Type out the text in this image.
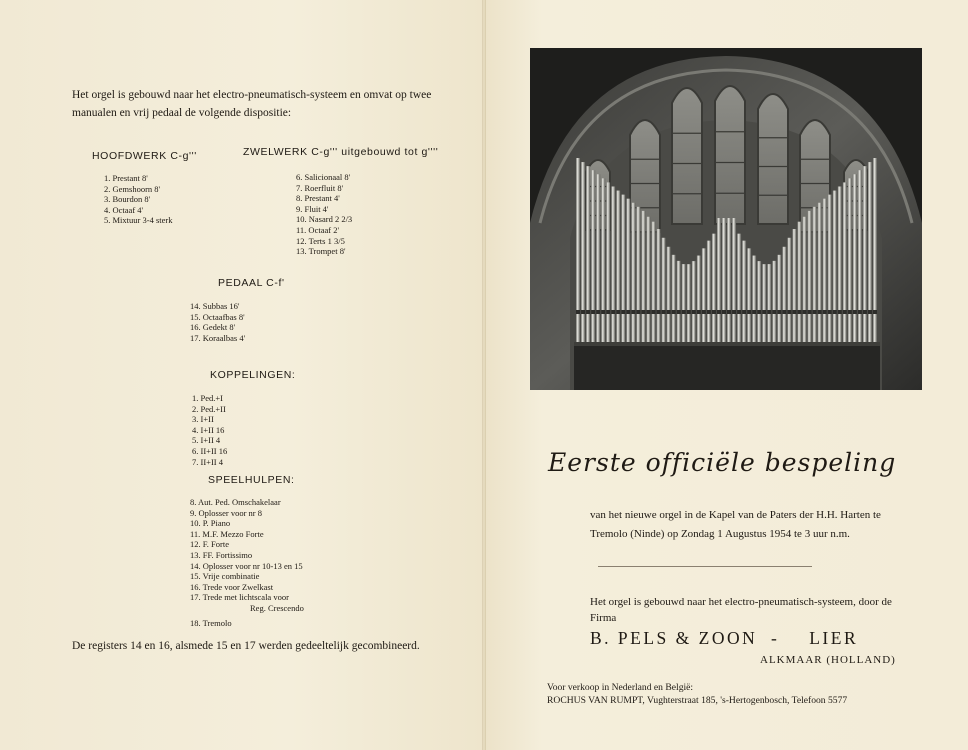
Het orgel is gebouwd naar het electro-pneumatisch-systeem en omvat op twee manualen en vrij pedaal de volgende dispositie:
HOOFDWERK C-g'''
1. Prestant 8'
2. Gemshoorn 8'
3. Bourdon 8'
4. Octaaf 4'
5. Mixtuur 3-4 sterk
ZWELWERK C-g''' uitgebouwd tot g''''
6. Salicionaal 8'
7. Roerfluit 8'
8. Prestant 4'
9. Fluit 4'
10. Nasard 2 2/3
11. Octaaf 2'
12. Terts 1 3/5
13. Trompet 8'
PEDAAL C-f'
14. Subbas 16'
15. Octaafbas 8'
16. Gedekt 8'
17. Koraalbas 4'
KOPPELINGEN:
1. Ped.+I
2. Ped.+II
3. I+II
4. I+II 16
5. I+II 4
6. II+II 16
7. II+II 4
SPEELHULPEN:
8. Aut. Ped. Omschakelaar
9. Oplosser voor nr 8
10. P. Piano
11. M.F. Mezzo Forte
12. F. Forte
13. FF. Fortissimo
14. Oplosser voor nr 10-13 en 15
15. Vrije combinatie
16. Trede voor Zwelkast
17. Trede met lichtscala voor
Reg. Crescendo
18. Tremolo
De registers 14 en 16, alsmede 15 en 17 werden gedeeltelijk gecombineerd.
Eerste officiële bespeling
van het nieuwe orgel in de Kapel van de Paters der H.H. Harten te Tremolo (Ninde) op Zondag 1 Augustus 1954 te 3 uur n.m.
Het orgel is gebouwd naar het electro-pneumatisch-systeem, door de Firma
B. PELS & ZOON  - LIER
ALKMAAR (HOLLAND)
Voor verkoop in Nederland en België:
ROCHUS VAN RUMPT, Vughterstraat 185, 's-Hertogenbosch, Telefoon 5577
